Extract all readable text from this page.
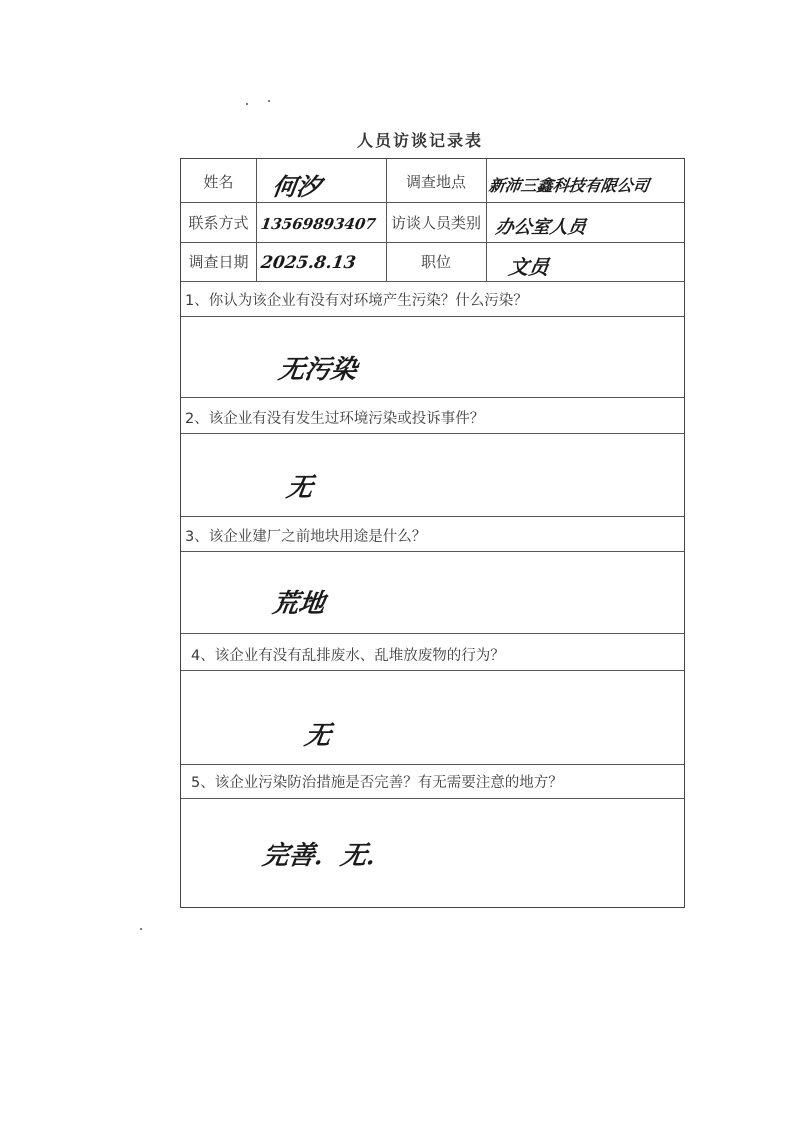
人员访谈记录表
姓名	何汐	调查地点	新沛三鑫科技有限公司
联系方式 13569893407 访谈人员类别 办公室人员
调查日期 2025.8.13	职位	文员
1、你认为该企业有没有对环境产生污染？什么污染？
无污染
2、该企业有没有发生过环境污染或投诉事件？
无
3、该企业建厂之前地块用途是什么？
荒地
4、该企业有没有乱排废水、乱堆放废物的行为？
无
5、该企业污染防治措施是否完善？有无需要注意的地方？
完善．无．
